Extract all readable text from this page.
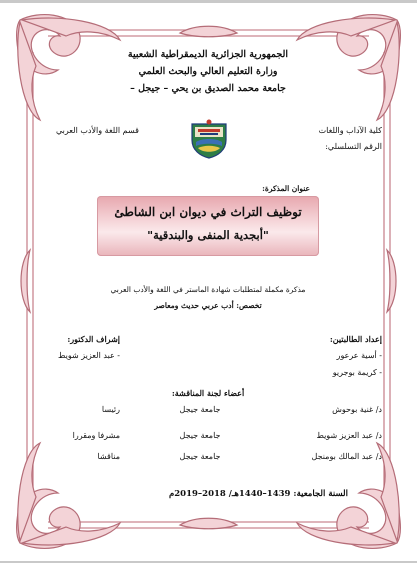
الجمهورية الجزائرية الديمقراطية الشعبية
وزارة التعليم العالي والبحث العلمي
جامعة محمد الصديق بن يحي – جيجل –
كلية الآداب واللغات
الرقم التسلسلي:
قسم اللغة والأدب العربي
عنوان المذكرة:
توظيف التراث في ديوان ابن الشاطئ
"أبجدية المنفى والبندقية"
مذكرة مكملة لمتطلبات شهادة الماستر في اللغة والأدب العربي
تخصص: أدب عربي حديث ومعاصر
إعداد الطالبتين:
- أسية عرعور
- كريمة بوجريو
إشراف الدكتور:
- عبد العزيز شويط
أعضاء لجنة المناقشة:
د/ غنية بوحوش
جامعة جيجل
رئيسا
د/ عبد العزيز شويط
جامعة جيجل
مشرفا ومقررا
د/ عبد المالك بومنجل
جامعة جيجل
مناقشا
السنة الجامعية: 1439–1440هـ/ 2018–2019م
